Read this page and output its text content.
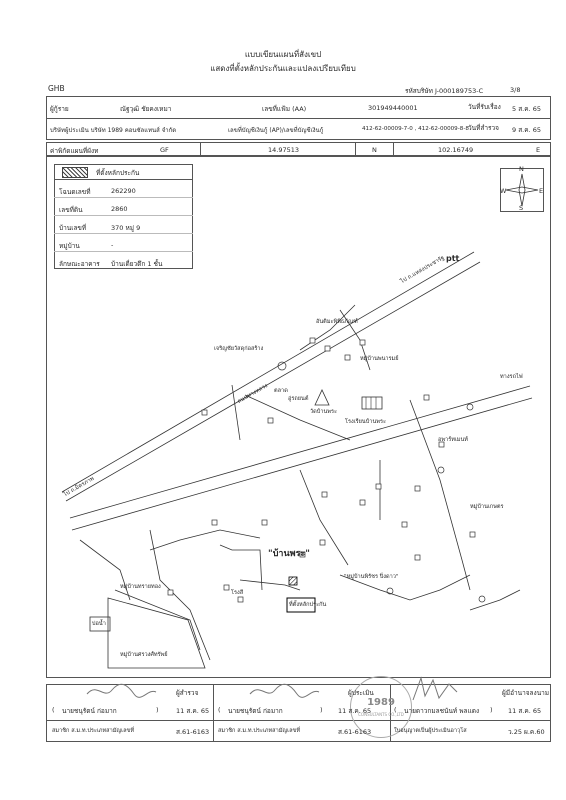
แบบเขียนแผนที่สังเขป
แสดงที่ตั้งหลักประกันและแปลงเปรียบเทียบ
GHB	รหัสบริษัท J-000189753-C	3/8
ผู้กู้ราย	ณัฐวุฒิ ชัยคงเหมา	เลขที่แฟ้ม (AA)	301949440001	วันที่รับเรื่อง 5 ส.ค. 65
บริษัทผู้ประเมิน บริษัท 1989 คอนซัลแทนส์ จำกัด	เลขที่บัญชีเงินกู้ (AP)/เลขที่บัญชีเงินกู้	412-62-00009-7-0 , 412-62-00009-8-8 วันที่สำรวจ 9 ส.ค. 65
ค่าพิกัดแผนที่ผังท	GF	14.97513	N	102.16749	E
ที่ตั้งหลักประกัน
โฉนดเลขที่	262290
เลขที่ดิน	2860
บ้านเลขที่	370 หมู่ 9
หมู่บ้าน	-
ลักษณะอาคาร บ้านเดี่ยวตึก 1 ชั้น
N
S
E
W
ptt
ไป ถ.แหล่งประชารัฐ
อันติมะพิพิธภัณฑ์
เจริญชัยวัสดุก่อสร้าง
ถนนทางหลวง ตลาด
อู่รถยนต์
หมู่บ้านพนารมย์
โรงเรียนบ้านพระ
วัดบ้านพระ
ทางรถไฟ
อพาร์ทเมนท์
หมู่บ้านเกษตร
"บ้านพระ"
"หมู่บ้านพิรัชร ปิ่งดาว"
โรงสี
ที่ตั้งหลักประกัน
หมู่บ้านทรายทอง
บ่อน้ำ
หมู่บ้านศรวงศ์ทรัพย์
ไป ถ.มิตรภาพ
1989
CONSULTANTS CO.,LTD
ผู้สำรวจ
( นายชนุรัตน์ ก่อมาก	)	11 ส.ค. 65
สมาชิก ส.ม.ท.ประเภทสามัญเลขที่	ส.61-6163
ผู้ประเมิน
( นายชนุรัตน์ ก่อมาก	) 11 ส.ค. 65
สมาชิก ส.ม.ท.ประเภทสามัญเลขที่	ส.61-6163
ผู้มีอำนาจลงนาม
( นายดาวกมลชนันท์ พลแดง ) 11 ส.ค. 65
ใบอนุญาตเป็นผู้ประเมินอาวุโส	ว.25 ผ.ค.60
